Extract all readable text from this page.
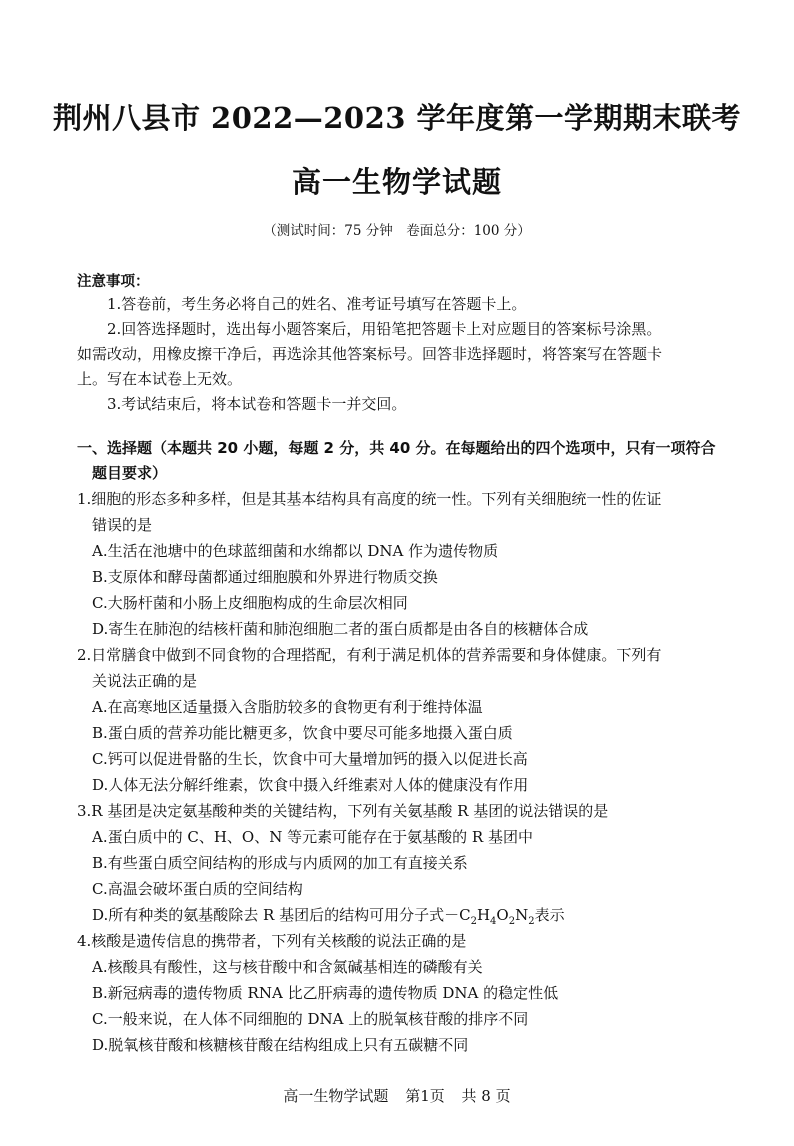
荆州八县市 2022—2023 学年度第一学期期末联考
高一生物学试题
（测试时间：75 分钟　卷面总分：100 分）
注意事项：
1.答卷前，考生务必将自己的姓名、准考证号填写在答题卡上。
2.回答选择题时，选出每小题答案后，用铅笔把答题卡上对应题目的答案标号涂黑。
如需改动，用橡皮擦干净后，再选涂其他答案标号。回答非选择题时，将答案写在答题卡
上。写在本试卷上无效。
3.考试结束后，将本试卷和答题卡一并交回。
一、选择题（本题共 20 小题，每题 2 分，共 40 分。在每题给出的四个选项中，只有一项符合
题目要求）
1.细胞的形态多种多样，但是其基本结构具有高度的统一性。下列有关细胞统一性的佐证
错误的是
A.生活在池塘中的色球蓝细菌和水绵都以 DNA 作为遗传物质
B.支原体和酵母菌都通过细胞膜和外界进行物质交换
C.大肠杆菌和小肠上皮细胞构成的生命层次相同
D.寄生在肺泡的结核杆菌和肺泡细胞二者的蛋白质都是由各自的核糖体合成
2.日常膳食中做到不同食物的合理搭配，有利于满足机体的营养需要和身体健康。下列有
关说法正确的是
A.在高寒地区适量摄入含脂肪较多的食物更有利于维持体温
B.蛋白质的营养功能比糖更多，饮食中要尽可能多地摄入蛋白质
C.钙可以促进骨骼的生长，饮食中可大量增加钙的摄入以促进长高
D.人体无法分解纤维素，饮食中摄入纤维素对人体的健康没有作用
3.R 基团是决定氨基酸种类的关键结构，下列有关氨基酸 R 基团的说法错误的是
A.蛋白质中的 C、H、O、N 等元素可能存在于氨基酸的 R 基团中
B.有些蛋白质空间结构的形成与内质网的加工有直接关系
C.高温会破坏蛋白质的空间结构
D.所有种类的氨基酸除去 R 基团后的结构可用分子式$-C_2H_4O_2N_2$表示
4.核酸是遗传信息的携带者，下列有关核酸的说法正确的是
A.核酸具有酸性，这与核苷酸中和含氮碱基相连的磷酸有关
B.新冠病毒的遗传物质 RNA 比乙肝病毒的遗传物质 DNA 的稳定性低
C.一般来说，在人体不同细胞的 DNA 上的脱氧核苷酸的排序不同
D.脱氧核苷酸和核糖核苷酸在结构组成上只有五碳糖不同
高一生物学试题 第1页 共 8 页
